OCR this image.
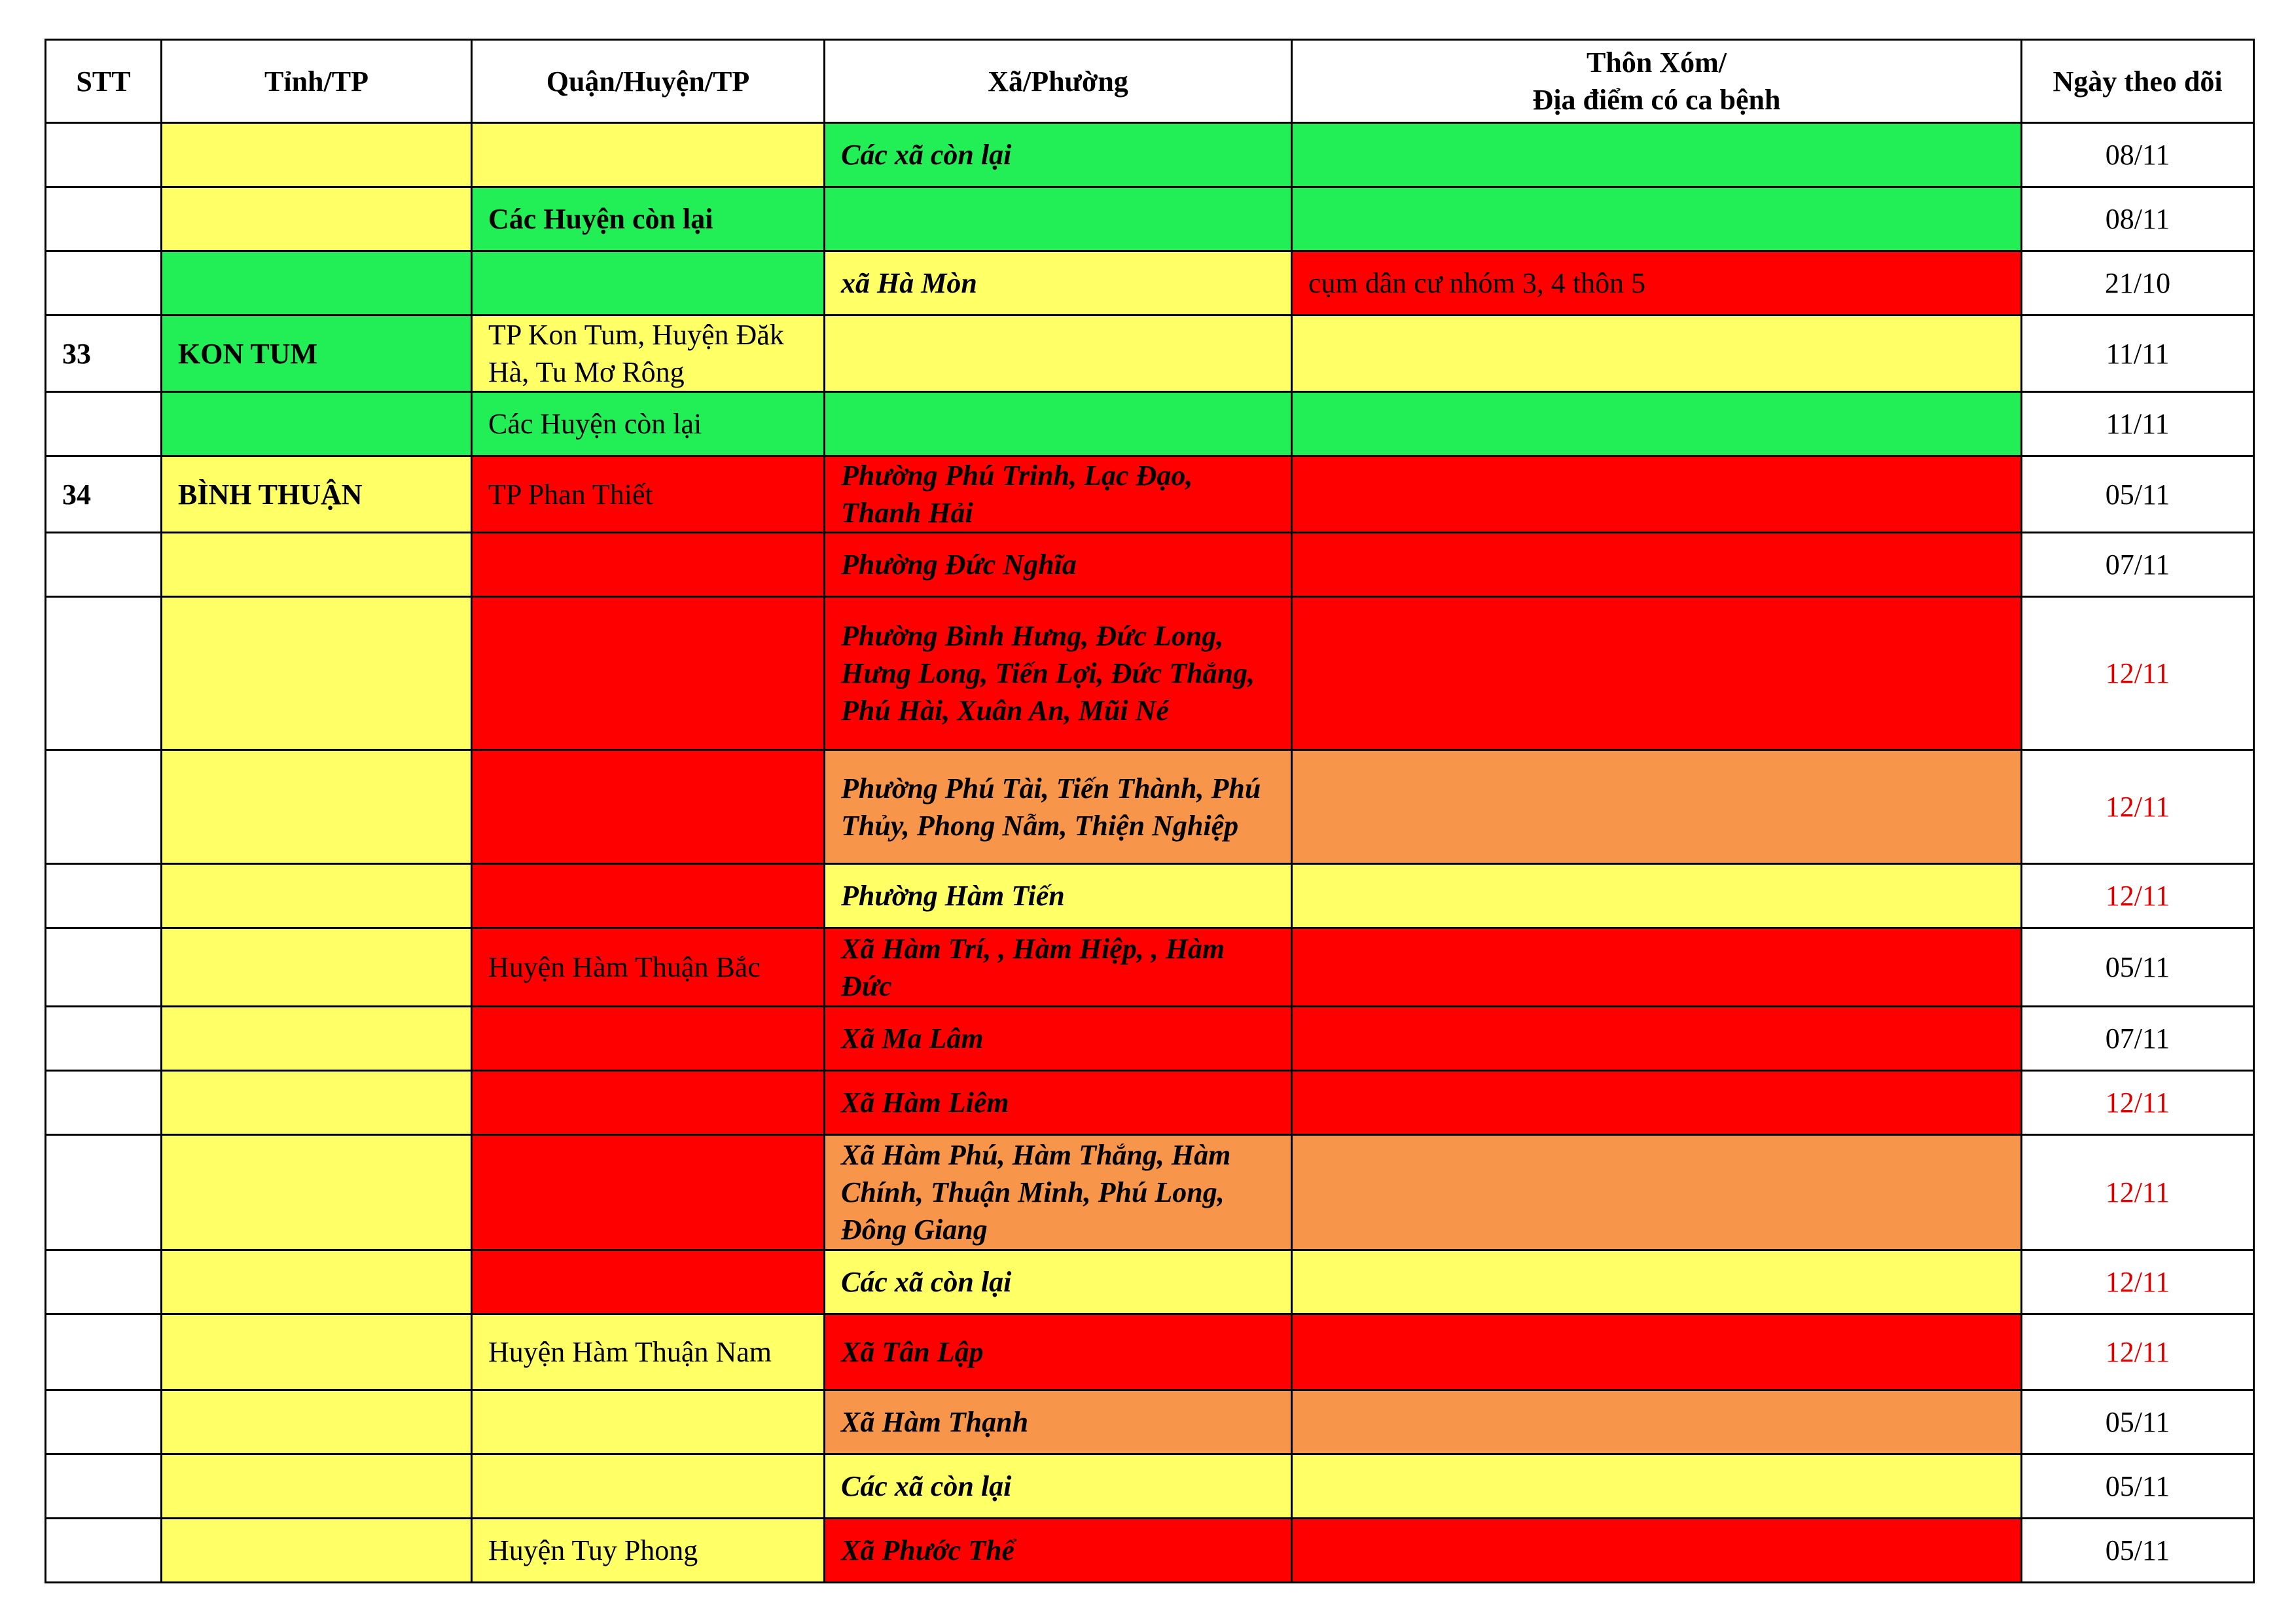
STT	Tỉnh/TP	Quận/Huyện/TP	Xã/Phường	Thôn Xóm/
Địa điểm có ca bệnh	Ngày theo dõi
			Các xã còn lại		08/11
		Các Huyện còn lại			08/11
			xã Hà Mòn	cụm dân cư nhóm 3, 4 thôn 5	21/10
33	KON TUM	TP Kon Tum, Huyện Đăk Hà, Tu Mơ Rông			11/11
		Các Huyện còn lại			11/11
34	BÌNH THUẬN	TP Phan Thiết	Phường Phú Trinh, Lạc Đạo, Thanh Hải		05/11
			Phường Đức Nghĩa		07/11
			Phường Bình Hưng, Đức Long, Hưng Long, Tiến Lợi, Đức Thắng, Phú Hài, Xuân An, Mũi Né		12/11
			Phường Phú Tài, Tiến Thành, Phú Thủy, Phong Nẫm, Thiện Nghiệp		12/11
			Phường Hàm Tiến		12/11
		Huyện Hàm Thuận Bắc	Xã Hàm Trí, , Hàm Hiệp, , Hàm Đức		05/11
			Xã Ma Lâm		07/11
			Xã Hàm Liêm		12/11
			Xã Hàm Phú, Hàm Thắng, Hàm Chính, Thuận Minh, Phú Long, Đông Giang		12/11
			Các xã còn lại		12/11
		Huyện Hàm Thuận Nam	Xã Tân Lập		12/11
			Xã Hàm Thạnh		05/11
			Các xã còn lại		05/11
		Huyện Tuy Phong	Xã Phước Thể		05/11
